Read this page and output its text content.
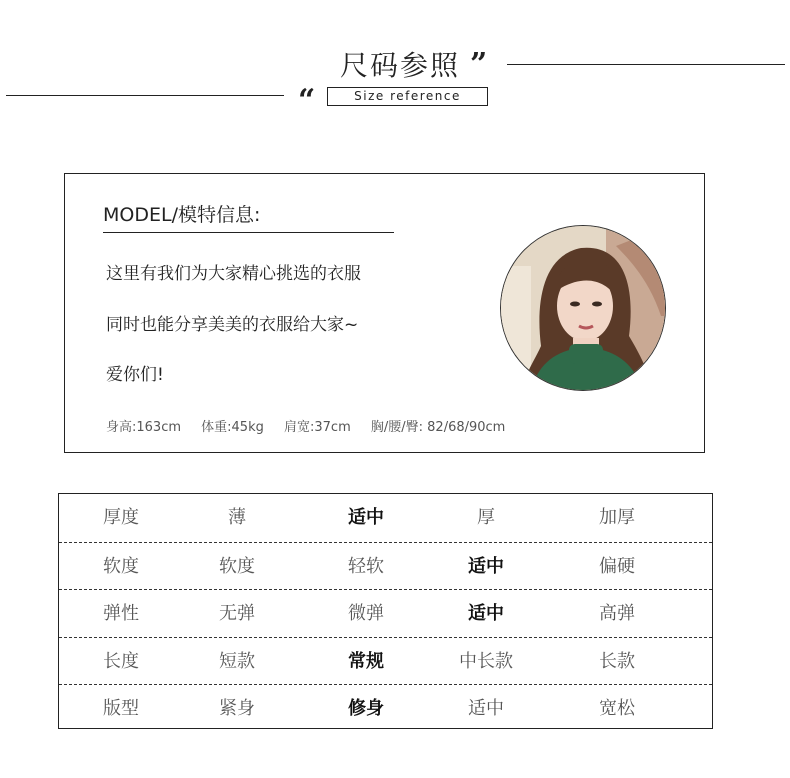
尺码参照 ”
“	Size reference
MODEL/模特信息:
这里有我们为大家精心挑选的衣服
同时也能分享美美的衣服给大家~
爱你们!
身高:163cm 体重:45kg 肩宽:37cm 胸/腰/臀: 82/68/90cm
厚度	薄	适中	厚	加厚
软度	软度	轻软	适中	偏硬
弹性	无弹	微弹	适中	高弹
长度	短款	常规	中长款	长款
版型	紧身	修身	适中	宽松
